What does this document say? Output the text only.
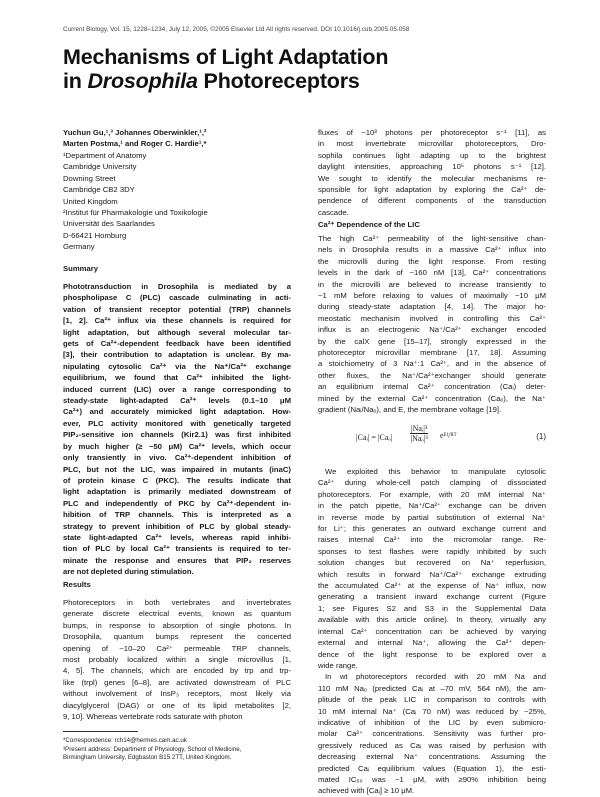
Current Biology, Vol. 15, 1228–1234, July 12, 2005, ©2005 Elsevier Ltd All rights reserved. DOI 10.1016/j.cub.2005.05.058
Mechanisms of Light Adaptation
in Drosophila Photoreceptors
Yuchun Gu,¹,³ Johannes Oberwinkler,¹,²
Marten Postma,¹ and Roger C. Hardie¹,*
¹Department of Anatomy
Cambridge University
Downing Street
Cambridge CB2 3DY
United Kingdom
²Institut für Pharmakologie und Toxikologie
Universität des Saarlandes
D-66421 Homburg
Germany
Summary
Phototransduction in Drosophila is mediated by a
phospholipase C (PLC) cascade culminating in acti-
vation of transient receptor potential (TRP) channels
[1, 2]. Ca²⁺ influx via these channels is required for
light adaptation, but although several molecular tar-
gets of Ca²⁺-dependent feedback have been identified
[3], their contribution to adaptation is unclear. By ma-
nipulating cytosolic Ca²⁺ via the Na⁺/Ca²⁺ exchange
equilibrium, we found that Ca²⁺ inhibited the light-
induced current (LIC) over a range corresponding to
steady-state light-adapted Ca²⁺ levels (0.1–10 μM
Ca²⁺) and accurately mimicked light adaptation. How-
ever, PLC activity monitored with genetically targeted
PIP₂-sensitive ion channels (Kir2.1) was first inhibited
by much higher (≥ ~50 μM) Ca²⁺ levels, which occur
only transiently in vivo. Ca²⁺-dependent inhibition of
PLC, but not the LIC, was impaired in mutants (inaC)
of protein kinase C (PKC). The results indicate that
light adaptation is primarily mediated downstream of
PLC and independently of PKC by Ca²⁺-dependent in-
hibition of TRP channels. This is interpreted as a
strategy to prevent inhibition of PLC by global steady-
state light-adapted Ca²⁺ levels, whereas rapid inhibi-
tion of PLC by local Ca²⁺ transients is required to ter-
minate the response and ensures that PIP₂ reserves
are not depleted during stimulation.
Results
Photoreceptors in both vertebrates and invertebrates
generate discrete electrical events, known as quantum
bumps, in response to absorption of single photons. In
Drosophila, quantum bumps represent the concerted
opening of ~10–20 Ca²⁺ permeable TRP channels,
most probably localized within a single microvillus [1,
4, 5]. The channels, which are encoded by trp and trp-
like (trpl) genes [6–8], are activated downstream of PLC
without involvement of InsP₃ receptors, most likely via
diacylglycerol (DAG) or one of its lipid metabolites [2,
9, 10]. Whereas vertebrate rods saturate with photon
*Correspondence: rch14@hermes.cam.ac.uk
³Present address: Department of Physiology, School of Medicine,
Birmingham University, Edgbaston B15 2TT, United Kingdom.
fluxes of ~10³ photons per photoreceptor s⁻¹ [11], as
in most invertebrate microvillar photoreceptors, Dro-
sophila continues light adapting up to the brightest
daylight intensities, approaching 10⁵ photons s⁻¹ [12].
We sought to identify the molecular mechanisms re-
sponsible for light adaptation by exploring the Ca²⁺ de-
pendence of different components of the transduction
cascade.
Ca²⁺ Dependence of the LIC
The high Ca²⁺ permeability of the light-sensitive chan-
nels in Drosophila results in a massive Ca²⁺ influx into
the microvilli during the light response. From resting
levels in the dark of ~160 nM [13], Ca²⁺ concentrations
in the microvilli are believed to increase transiently to
~1 mM before relaxing to values of maximally ~10 μM
during steady-state adaptation [4, 14]. The major ho-
meostatic mechanism involved in controlling this Ca²⁺
influx is an electrogenic Na⁺/Ca²⁺ exchanger encoded
by the calX gene [15–17], strongly expressed in the
photoreceptor microvillar membrane [17, 18]. Assuming
a stoichiometry of 3 Na⁺:1 Ca²⁺, and in the absence of
other fluxes, the Na⁺/Ca²⁺exchanger should generate
an equilibrium internal Ca²⁺ concentration (Caᵢ) deter-
mined by the external Ca²⁺ concentration (Caₒ), the Na⁺
gradient (Naᵢ/Naₒ), and E, the membrane voltage [19].
|Caᵢ| = |Caₒ|
|Naᵢ|³
|Naₒ|³ eᴱᶠ/ᴿᵀ	(1)
We exploited this behavior to manipulate cytosolic
Ca²⁺ during whole-cell patch clamping of dissociated
photoreceptors. For example, with 20 mM internal Na⁺
in the patch pipette, Na⁺/Ca²⁺ exchange can be driven
in reverse mode by partial substitution of external Na⁺
for Li⁺; this generates an outward exchange current and
raises internal Ca²⁺ into the micromolar range. Re-
sponses to test flashes were rapidly inhibited by such
solution changes but recovered on Na⁺ reperfusion,
which results in forward Na⁺/Ca²⁺ exchange extruding
the accumulated Ca²⁺ at the expense of Na⁺ influx, now
generating a transient inward exchange current (Figure
1; see Figures S2 and S3 in the Supplemental Data
available with this article online). In theory, virtually any
internal Ca²⁺ concentration can be achieved by varying
external and internal Na⁺, allowing the Ca²⁺ depen-
dence of the light response to be explored over a
wide range.
In wt photoreceptors recorded with 20 mM Na and
110 mM Naₒ (predicted Caᵢ at –70 mV, 564 nM), the am-
plitude of the peak LIC in comparison to controls with
10 mM internal Na⁺ (Caᵢ 70 nM) was reduced by ~25%,
indicative of inhibition of the LIC by even submicro-
molar Ca²⁺ concentrations. Sensitivity was further pro-
gressively reduced as Caᵢ was raised by perfusion with
decreasing external Na⁺ concentrations. Assuming the
predicted Caᵢ equilibrium values (Equation 1), the esti-
mated IC₅₀ was ~1 μM, with ≥90% inhibition being
achieved with [Caᵢ] ≥ 10 μM.
